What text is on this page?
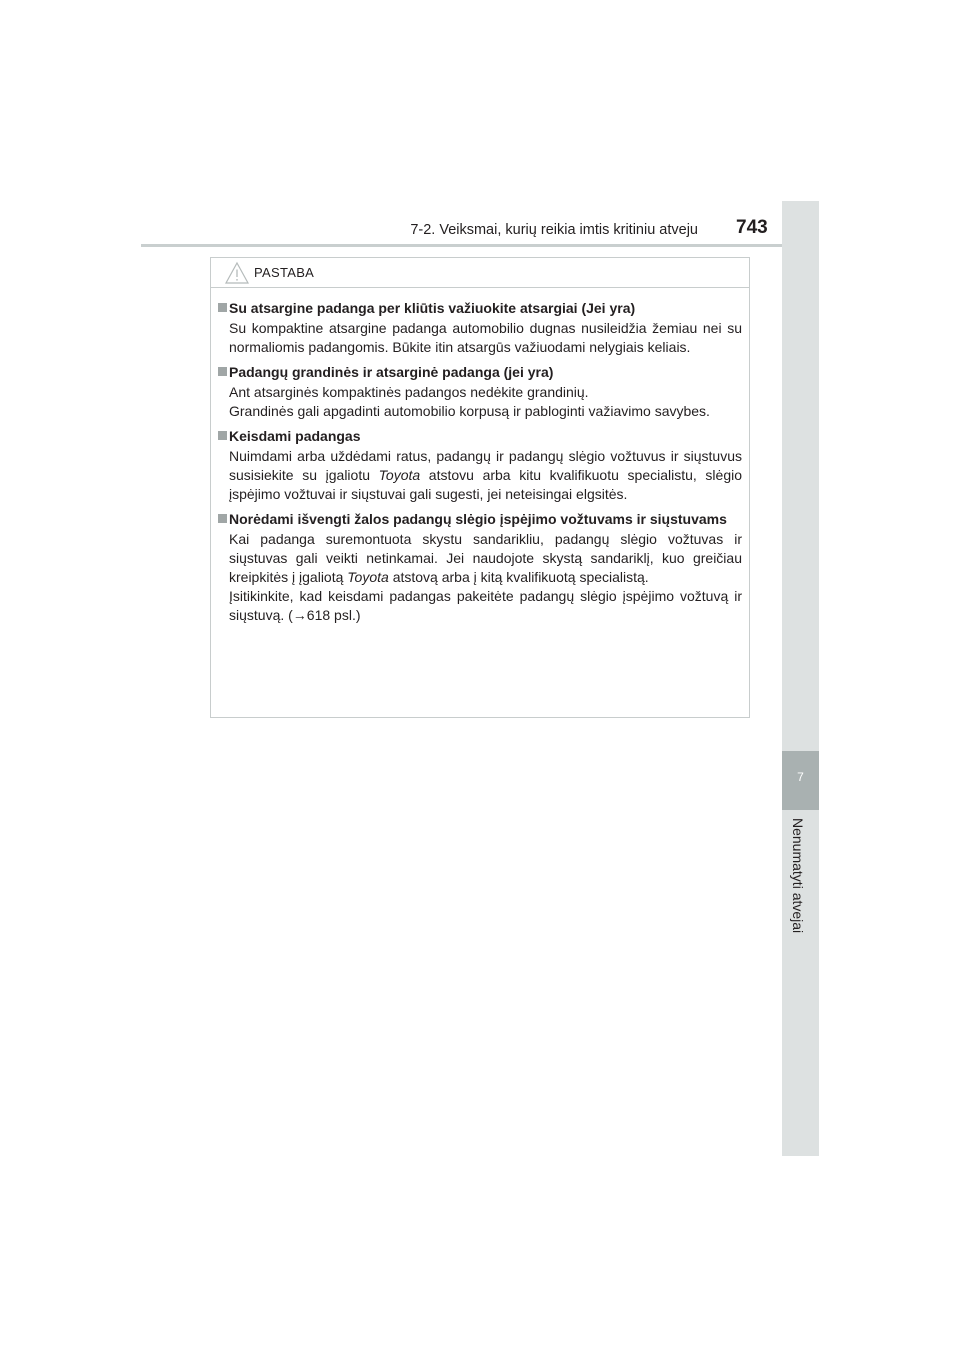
7-2. Veiksmai, kurių reikia imtis kritiniu atveju 743
7
Nenumatyti atvejai
PASTABA
Su atsargine padanga per kliūtis važiuokite atsargiai (Jei yra)
Su kompaktine atsargine padanga automobilio dugnas nusileidžia žemiau nei su normaliomis padangomis. Būkite itin atsargūs važiuodami nelygiais keliais.
Padangų grandinės ir atsarginė padanga (jei yra)
Ant atsarginės kompaktinės padangos nedėkite grandinių.
Grandinės gali apgadinti automobilio korpusą ir pabloginti važiavimo savybes.
Keisdami padangas
Nuimdami arba uždėdami ratus, padangų ir padangų slėgio vožtuvus ir siųstuvus susisiekite su įgaliotu Toyota atstovu arba kitu kvalifikuotu specialistu, slėgio įspėjimo vožtuvai ir siųstuvai gali sugesti, jei neteisingai elgsitės.
Norėdami išvengti žalos padangų slėgio įspėjimo vožtuvams ir siųstuvams
Kai padanga suremontuota skystu sandarikliu, padangų slėgio vožtuvas ir siųstuvas gali veikti netinkamai. Jei naudojote skystą sandariklį, kuo greičiau kreipkitės į įgaliotą Toyota atstovą arba į kitą kvalifikuotą specialistą.
Įsitikinkite, kad keisdami padangas pakeitėte padangų slėgio įspėjimo vožtuvą ir siųstuvą. (→618 psl.)
